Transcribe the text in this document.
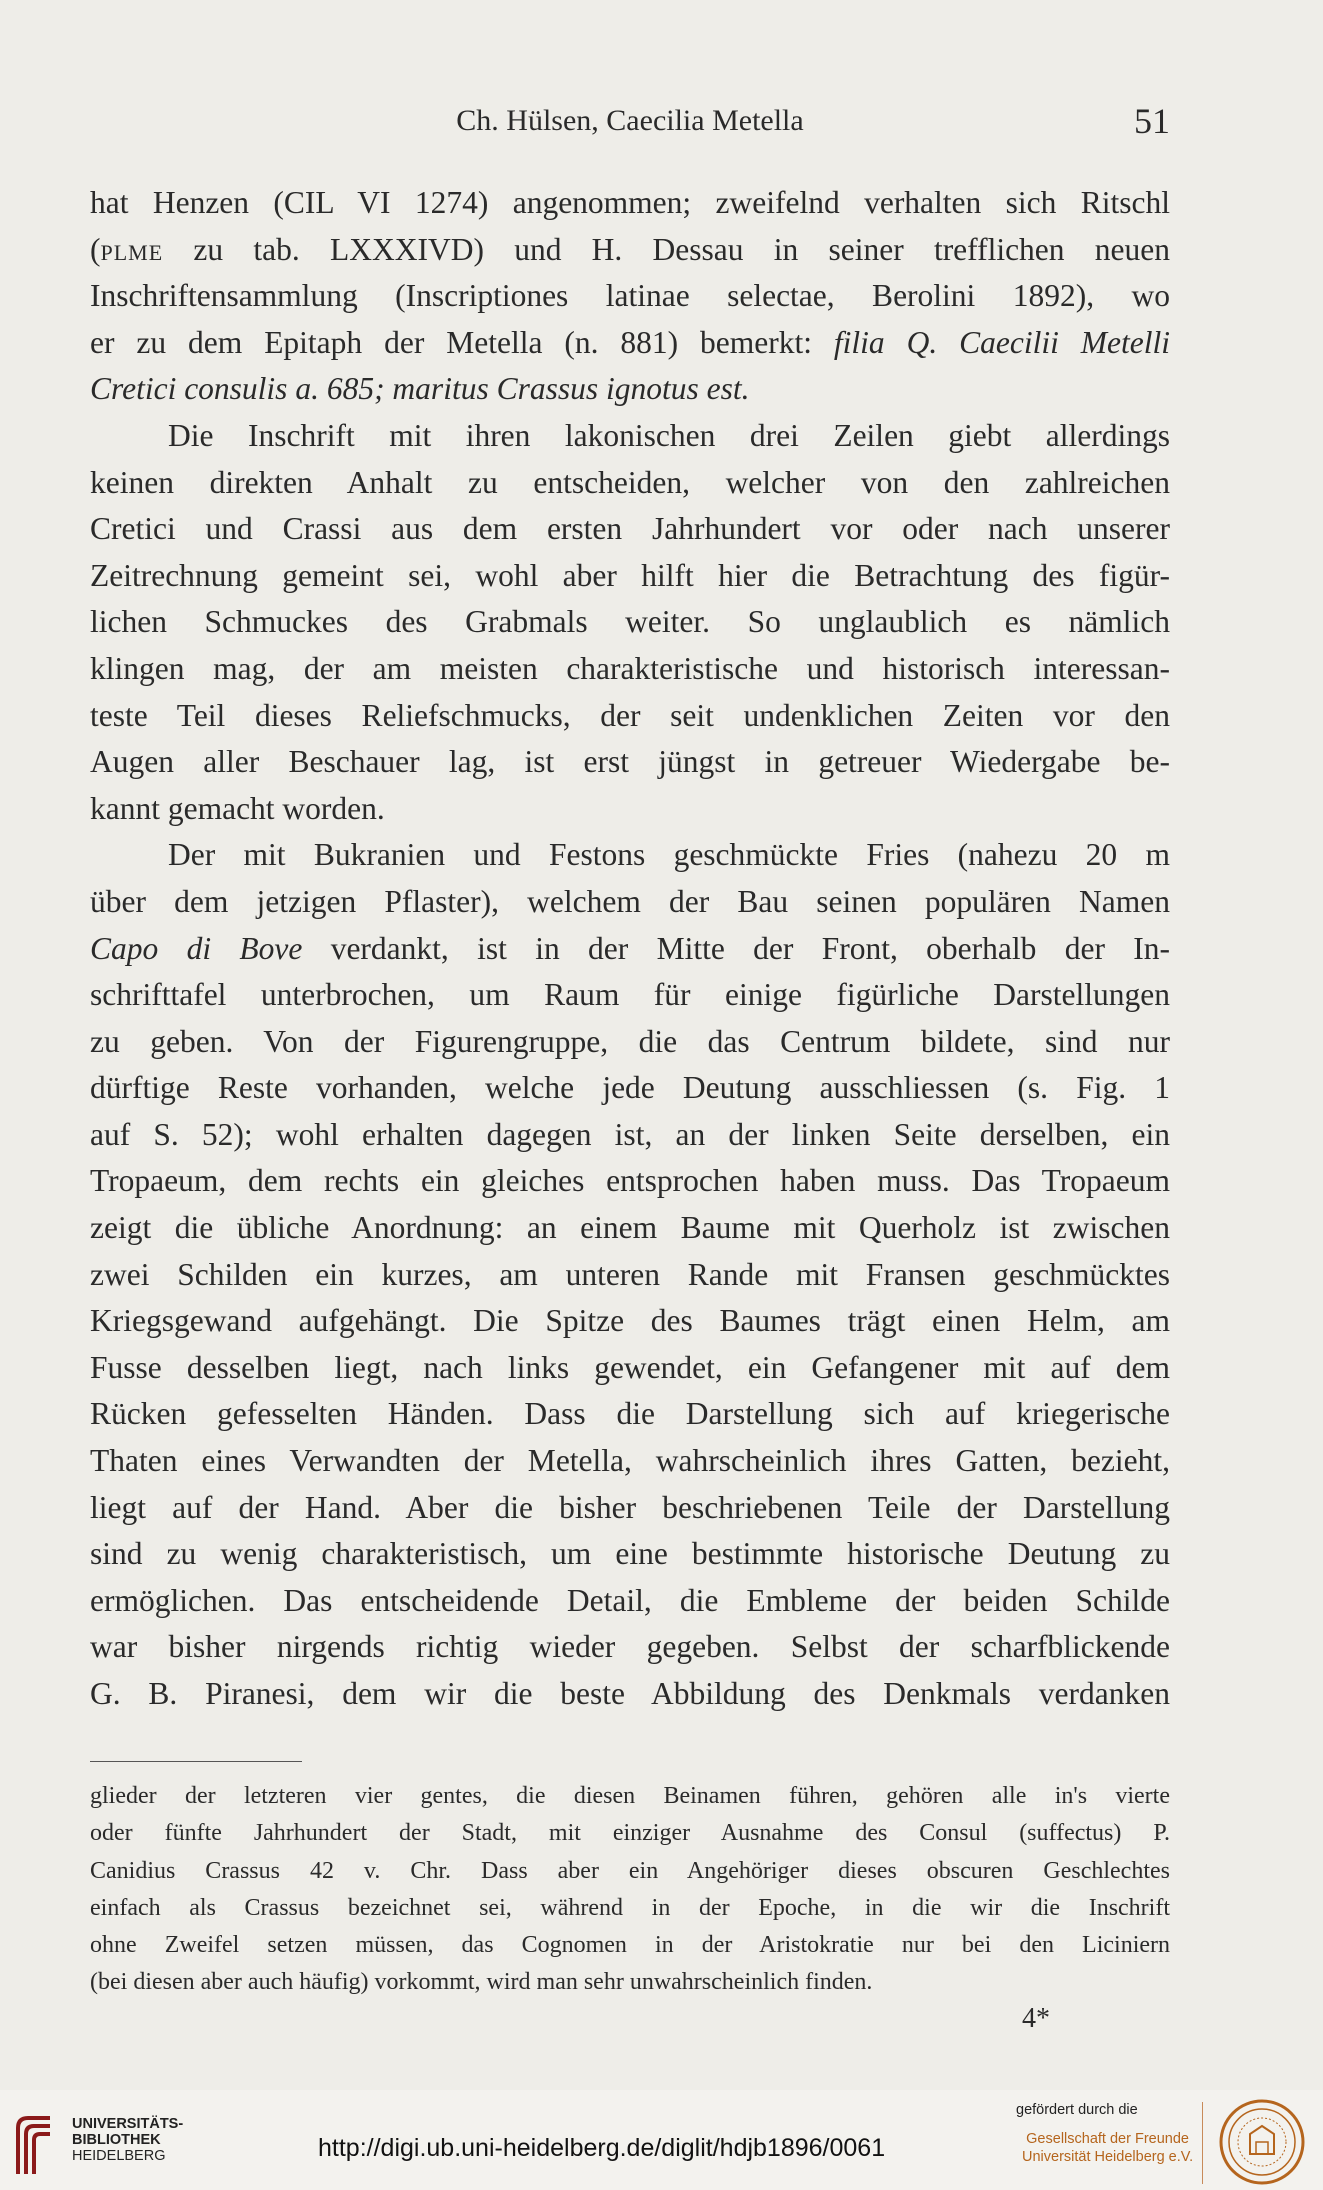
Ch. Hülsen, Caecilia Metella	51
hat Henzen (CIL VI 1274) angenommen; zweifelnd verhalten sich Ritschl
(plme zu tab. LXXXIVD) und H. Dessau in seiner trefflichen neuen
Inschriftensammlung (Inscriptiones latinae selectae, Berolini 1892), wo
er zu dem Epitaph der Metella (n. 881) bemerkt: filia Q. Caecilii Metelli
Cretici consulis a. 685; maritus Crassus ignotus est.
Die Inschrift mit ihren lakonischen drei Zeilen giebt allerdings
keinen direkten Anhalt zu entscheiden, welcher von den zahlreichen
Cretici und Crassi aus dem ersten Jahrhundert vor oder nach unserer
Zeitrechnung gemeint sei, wohl aber hilft hier die Betrachtung des figür-
lichen Schmuckes des Grabmals weiter. So unglaublich es nämlich
klingen mag, der am meisten charakteristische und historisch interessan-
teste Teil dieses Reliefschmucks, der seit undenklichen Zeiten vor den
Augen aller Beschauer lag, ist erst jüngst in getreuer Wiedergabe be-
kannt gemacht worden.
Der mit Bukranien und Festons geschmückte Fries (nahezu 20 m
über dem jetzigen Pflaster), welchem der Bau seinen populären Namen
Capo di Bove verdankt, ist in der Mitte der Front, oberhalb der In-
schrifttafel unterbrochen, um Raum für einige figürliche Darstellungen
zu geben. Von der Figurengruppe, die das Centrum bildete, sind nur
dürftige Reste vorhanden, welche jede Deutung ausschliessen (s. Fig. 1
auf S. 52); wohl erhalten dagegen ist, an der linken Seite derselben, ein
Tropaeum, dem rechts ein gleiches entsprochen haben muss. Das Tropaeum
zeigt die übliche Anordnung: an einem Baume mit Querholz ist zwischen
zwei Schilden ein kurzes, am unteren Rande mit Fransen geschmücktes
Kriegsgewand aufgehängt. Die Spitze des Baumes trägt einen Helm, am
Fusse desselben liegt, nach links gewendet, ein Gefangener mit auf dem
Rücken gefesselten Händen. Dass die Darstellung sich auf kriegerische
Thaten eines Verwandten der Metella, wahrscheinlich ihres Gatten, bezieht,
liegt auf der Hand. Aber die bisher beschriebenen Teile der Darstellung
sind zu wenig charakteristisch, um eine bestimmte historische Deutung zu
ermöglichen. Das entscheidende Detail, die Embleme der beiden Schilde
war bisher nirgends richtig wieder gegeben. Selbst der scharfblickende
G. B. Piranesi, dem wir die beste Abbildung des Denkmals verdanken
glieder der letzteren vier gentes, die diesen Beinamen führen, gehören alle in's vierte
oder fünfte Jahrhundert der Stadt, mit einziger Ausnahme des Consul (suffectus) P.
Canidius Crassus 42 v. Chr. Dass aber ein Angehöriger dieses obscuren Geschlechtes
einfach als Crassus bezeichnet sei, während in der Epoche, in die wir die Inschrift
ohne Zweifel setzen müssen, das Cognomen in der Aristokratie nur bei den Liciniern
(bei diesen aber auch häufig) vorkommt, wird man sehr unwahrscheinlich finden.
4*
UNIVERSITÄTS-
BIBLIOTHEK
HEIDELBERG	http://digi.ub.uni-heidelberg.de/diglit/hdjb1896/0061
gefördert durch die
Gesellschaft der Freunde
Universität Heidelberg e.V.
